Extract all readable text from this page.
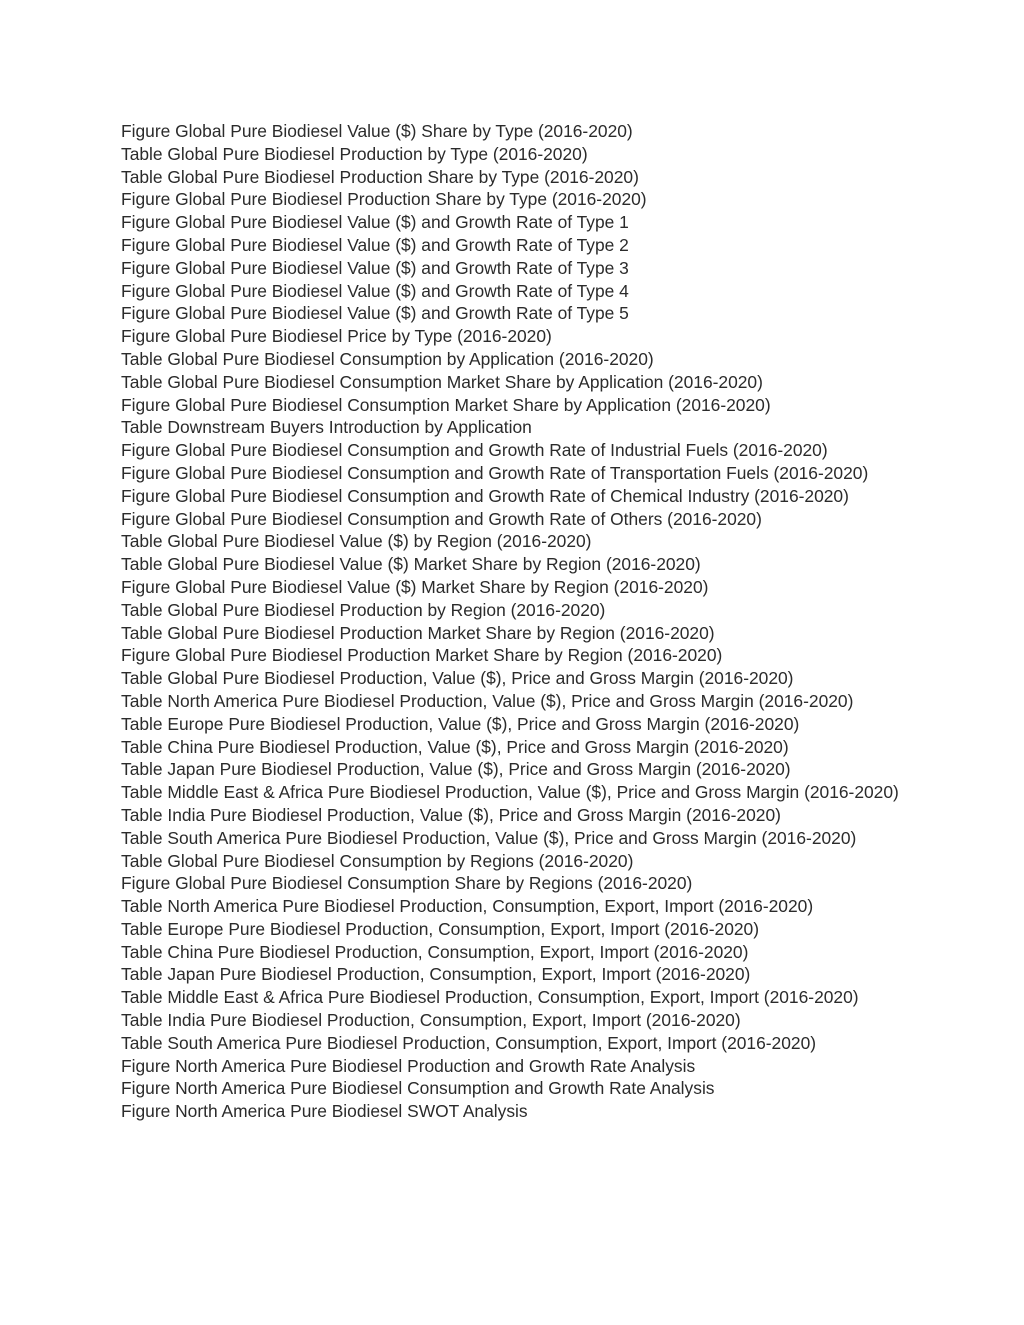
Figure Global Pure Biodiesel Value ($) Share by Type (2016-2020)

Table Global Pure Biodiesel Production by Type (2016-2020)

Table Global Pure Biodiesel Production Share by Type (2016-2020)

Figure Global Pure Biodiesel Production Share by Type (2016-2020)

Figure Global Pure Biodiesel Value ($) and Growth Rate of Type 1

Figure Global Pure Biodiesel Value ($) and Growth Rate of Type 2

Figure Global Pure Biodiesel Value ($) and Growth Rate of Type 3

Figure Global Pure Biodiesel Value ($) and Growth Rate of Type 4

Figure Global Pure Biodiesel Value ($) and Growth Rate of Type 5

Figure Global Pure Biodiesel Price by Type (2016-2020)

Table Global Pure Biodiesel Consumption by Application (2016-2020)

Table Global Pure Biodiesel Consumption Market Share by Application (2016-2020)

Figure Global Pure Biodiesel Consumption Market Share by Application (2016-2020)

Table Downstream Buyers Introduction by Application

Figure Global Pure Biodiesel Consumption and Growth Rate of Industrial Fuels (2016-2020)

Figure Global Pure Biodiesel Consumption and Growth Rate of Transportation Fuels (2016-2020)

Figure Global Pure Biodiesel Consumption and Growth Rate of Chemical Industry (2016-2020)

Figure Global Pure Biodiesel Consumption and Growth Rate of Others (2016-2020)

Table Global Pure Biodiesel Value ($) by Region (2016-2020)

Table Global Pure Biodiesel Value ($) Market Share by Region (2016-2020)

Figure Global Pure Biodiesel Value ($) Market Share by Region (2016-2020)

Table Global Pure Biodiesel Production by Region (2016-2020)

Table Global Pure Biodiesel Production Market Share by Region (2016-2020)

Figure Global Pure Biodiesel Production Market Share by Region (2016-2020)

Table Global Pure Biodiesel Production, Value ($), Price and Gross Margin (2016-2020)

Table North America Pure Biodiesel Production, Value ($), Price and Gross Margin (2016-2020)

Table Europe Pure Biodiesel Production, Value ($), Price and Gross Margin (2016-2020)

Table China Pure Biodiesel Production, Value ($), Price and Gross Margin (2016-2020)

Table Japan Pure Biodiesel Production, Value ($), Price and Gross Margin (2016-2020)

Table Middle East & Africa Pure Biodiesel Production, Value ($), Price and Gross Margin (2016-2020)

Table India Pure Biodiesel Production, Value ($), Price and Gross Margin (2016-2020)

Table South America Pure Biodiesel Production, Value ($), Price and Gross Margin (2016-2020)

Table Global Pure Biodiesel Consumption by Regions (2016-2020)

Figure Global Pure Biodiesel Consumption Share by Regions (2016-2020)

Table North America Pure Biodiesel Production, Consumption, Export, Import (2016-2020)

Table Europe Pure Biodiesel Production, Consumption, Export, Import (2016-2020)

Table China Pure Biodiesel Production, Consumption, Export, Import (2016-2020)

Table Japan Pure Biodiesel Production, Consumption, Export, Import (2016-2020)

Table Middle East & Africa Pure Biodiesel Production, Consumption, Export, Import (2016-2020)

Table India Pure Biodiesel Production, Consumption, Export, Import (2016-2020)

Table South America Pure Biodiesel Production, Consumption, Export, Import (2016-2020)

Figure North America Pure Biodiesel Production and Growth Rate Analysis

Figure North America Pure Biodiesel Consumption and Growth Rate Analysis

Figure North America Pure Biodiesel SWOT Analysis
